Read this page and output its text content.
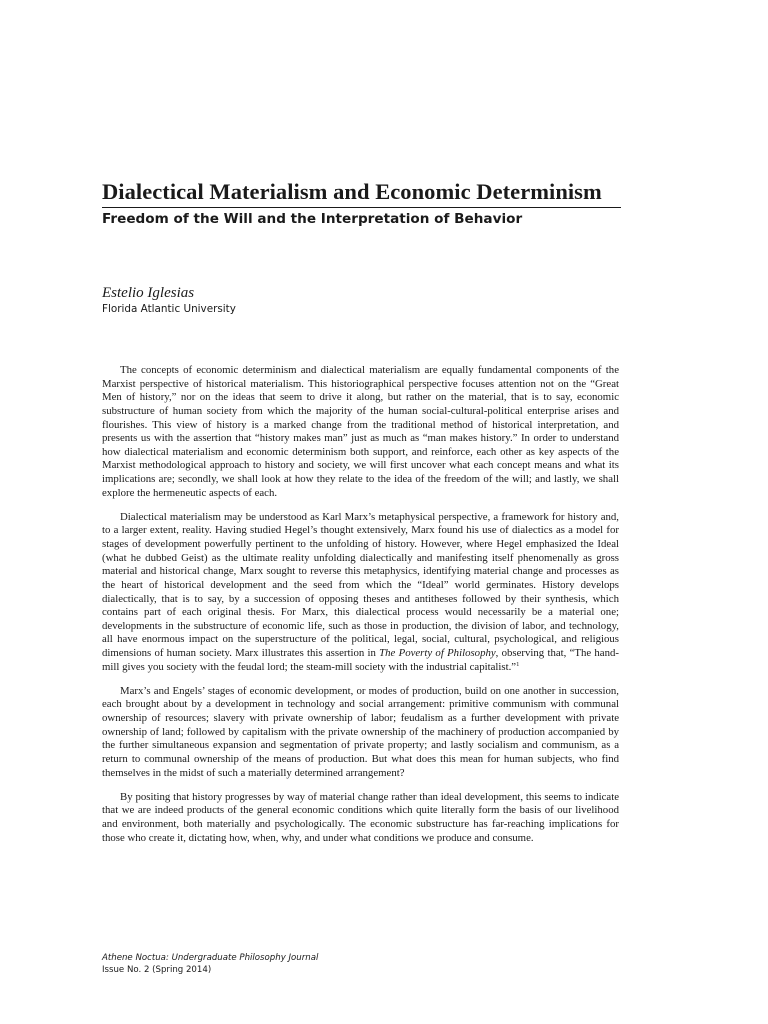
Dialectical Materialism and Economic Determinism
Freedom of the Will and the Interpretation of Behavior
Estelio Iglesias
Florida Atlantic University

The concepts of economic determinism and dialectical materialism are equally fundamental components of the Marxist perspective of historical materialism. This historiographical perspective focuses attention not on the “Great Men of history,” nor on the ideas that seem to drive it along, but rather on the material, that is to say, economic substructure of human society from which the majority of the human social-cultural-political enterprise arises and flourishes. This view of history is a marked change from the traditional method of historical interpretation, and presents us with the assertion that “history makes man” just as much as “man makes history.” In order to understand how dialectical materialism and economic determinism both support, and reinforce, each other as key aspects of the Marxist methodological approach to history and society, we will first uncover what each concept means and what its implications are; secondly, we shall look at how they relate to the idea of the freedom of the will; and lastly, we shall explore the hermeneutic aspects of each.

Dialectical materialism may be understood as Karl Marx’s metaphysical perspective, a framework for history and, to a larger extent, reality. Having studied Hegel’s thought extensively, Marx found his use of dialectics as a model for stages of development powerfully pertinent to the unfolding of history. However, where Hegel emphasized the Ideal (what he dubbed Geist) as the ultimate reality unfolding dialectically and manifesting itself phenomenally as gross material and historical change, Marx sought to reverse this metaphysics, identifying material change and processes as the heart of historical development and the seed from which the “Ideal” world germinates. History develops dialectically, that is to say, by a succession of opposing theses and antitheses followed by their synthesis, which contains part of each original thesis. For Marx, this dialectical process would necessarily be a material one; developments in the substructure of economic life, such as those in production, the division of labor, and technology, all have enormous impact on the superstructure of the political, legal, social, cultural, psychological, and religious dimensions of human society. Marx illustrates this assertion in The Poverty of Philosophy, observing that, “The hand-mill gives you society with the feudal lord; the steam-mill society with the industrial capitalist.”$^1$

Marx’s and Engels’ stages of economic development, or modes of production, build on one another in succession, each brought about by a development in technology and social arrangement: primitive communism with communal ownership of resources; slavery with private ownership of labor; feudalism as a further development with private ownership of land; followed by capitalism with the private ownership of the machinery of production accompanied by the further simultaneous expansion and segmentation of private property; and lastly socialism and communism, as a return to communal ownership of the means of production. But what does this mean for human subjects, who find themselves in the midst of such a materially determined arrangement?

By positing that history progresses by way of material change rather than ideal development, this seems to indicate that we are indeed products of the general economic conditions which quite literally form the basis of our livelihood and environment, both materially and psychologically. The economic substructure has far-reaching implications for those who create it, dictating how, when, why, and under what conditions we produce and consume.

Athene Noctua: Undergraduate Philosophy Journal
Issue No. 2 (Spring 2014)
